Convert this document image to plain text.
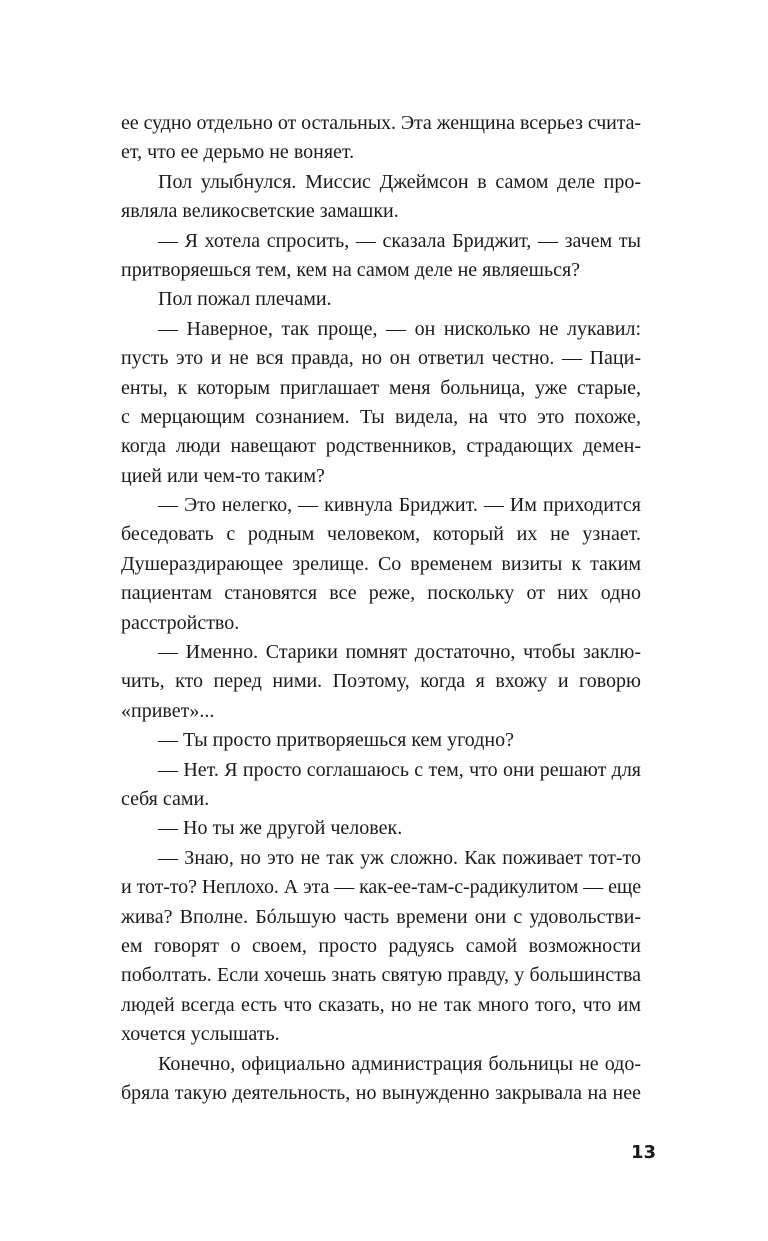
ее судно отдельно от остальных. Эта женщина всерьез счита-
ет, что ее дерьмо не воняет.
Пол улыбнулся. Миссис Джеймсон в самом деле про-
являла великосветские замашки.
— Я хотела спросить, — сказала Бриджит, — зачем ты
притворяешься тем, кем на самом деле не являешься?
Пол пожал плечами.
— Наверное, так проще, — он нисколько не лукавил:
пусть это и не вся правда, но он ответил честно. — Паци-
енты, к которым приглашает меня больница, уже старые,
с мерцающим сознанием. Ты видела, на что это похоже,
когда люди навещают родственников, страдающих демен-
цией или чем-то таким?
— Это нелегко, — кивнула Бриджит. — Им приходится
беседовать с родным человеком, который их не узнает.
Душераздирающее зрелище. Со временем визиты к таким
пациентам становятся все реже, поскольку от них одно
расстройство.
— Именно. Старики помнят достаточно, чтобы заклю-
чить, кто перед ними. Поэтому, когда я вхожу и говорю
«привет»...
— Ты просто притворяешься кем угодно?
— Нет. Я просто соглашаюсь с тем, что они решают для
себя сами.
— Но ты же другой человек.
— Знаю, но это не так уж сложно. Как поживает тот-то
и тот-то? Неплохо. А эта — как-ее-там-с-радикулитом — еще
жива? Вполне. Бóльшую часть времени они с удовольстви-
ем говорят о своем, просто радуясь самой возможности
поболтать. Если хочешь знать святую правду, у большинства
людей всегда есть что сказать, но не так много того, что им
хочется услышать.
Конечно, официально администрация больницы не одо-
бряла такую деятельность, но вынужденно закрывала на нее
13
